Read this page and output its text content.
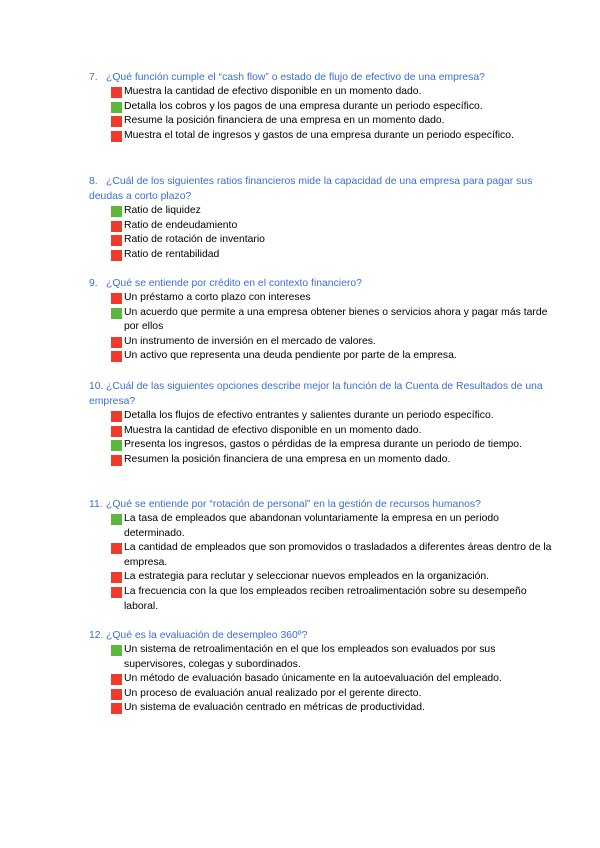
7. ¿Qué función cumple el “cash flow” o estado de flujo de efectivo de una empresa?
Muestra la cantidad de efectivo disponible en un momento dado.
Detalla los cobros y los pagos de una empresa durante un periodo específico.
Resume la posición financiera de una empresa en un momento dado.
Muestra el total de ingresos y gastos de una empresa durante un periodo específico.
8. ¿Cuál de los siguientes ratios financieros mide la capacidad de una empresa para pagar sus deudas a corto plazo?
Ratio de liquidez
Ratio de endeudamiento
Ratio de rotación de inventario
Ratio de rentabilidad
9. ¿Qué se entiende por crédito en el contexto financiero?
Un préstamo a corto plazo con intereses
Un acuerdo que permite a una empresa obtener bienes o servicios ahora y pagar más tarde por ellos
Un instrumento de inversión en el mercado de valores.
Un activo que representa una deuda pendiente por parte de la empresa.
10. ¿Cuál de las siguientes opciones describe mejor la función de la Cuenta de Resultados de una empresa?
Detalla los flujos de efectivo entrantes y salientes durante un periodo específico.
Muestra la cantidad de efectivo disponible en un momento dado.
Presenta los ingresos, gastos o pérdidas de la empresa durante un periodo de tiempo.
Resumen la posición financiera de una empresa en un momento dado.
11. ¿Qué se entiende por “rotación de personal” en la gestión de recursos humanos?
La tasa de empleados que abandonan voluntariamente la empresa en un periodo determinado.
La cantidad de empleados que son promovidos o trasladados a diferentes áreas dentro de la empresa.
La estrategia para reclutar y seleccionar nuevos empleados en la organización.
La frecuencia con la que los empleados reciben retroalimentación sobre su desempeño laboral.
12. ¿Qué es la evaluación de desempleo 360º?
Un sistema de retroalimentación en el que los empleados son evaluados por sus supervisores, colegas y subordinados.
Un método de evaluación basado únicamente en la autoevaluación del empleado.
Un proceso de evaluación anual realizado por el gerente directo.
Un sistema de evaluación centrado en métricas de productividad.
